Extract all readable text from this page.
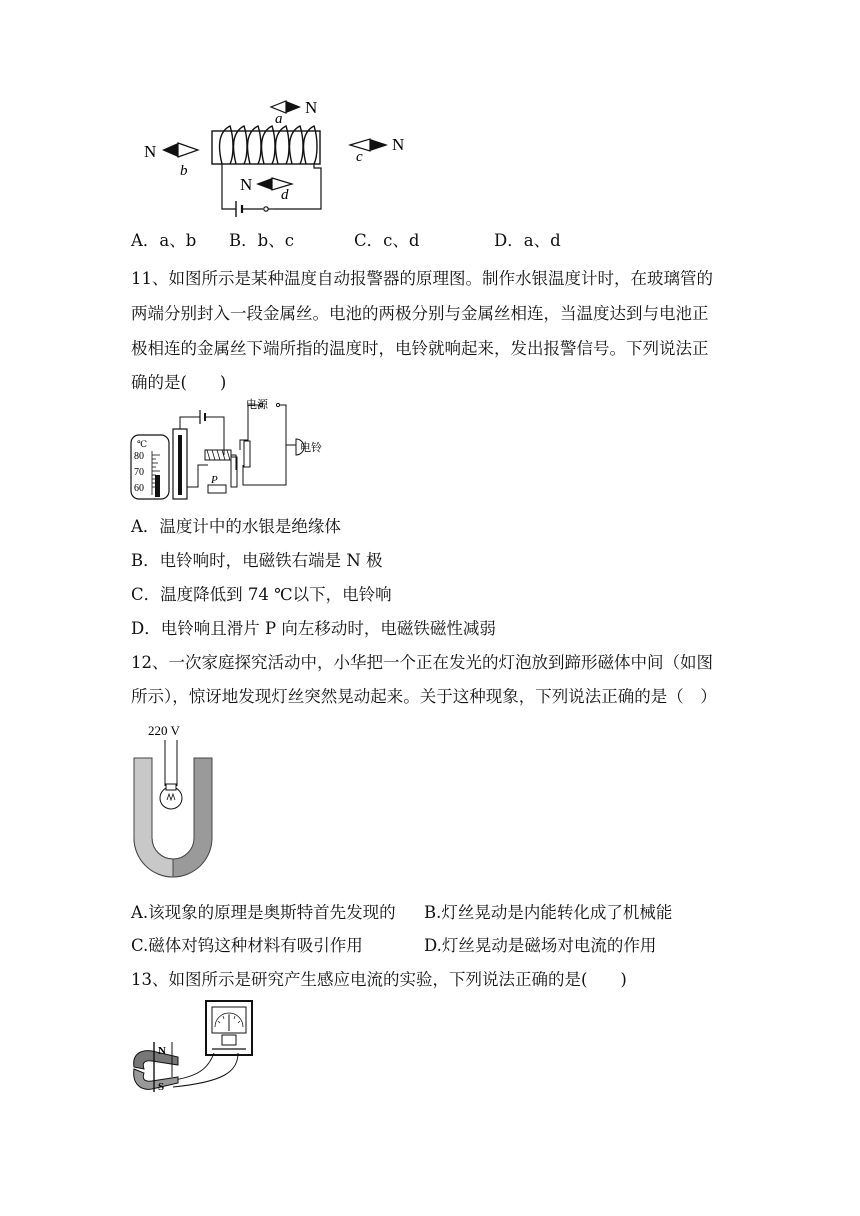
N
a
N
b
N
c
N
d
A．a、b B．b、c	C．c、d	D．a、d
11、如图所示是某种温度自动报警器的原理图。制作水银温度计时，在玻璃管的
两端分别封入一段金属丝。电池的两极分别与金属丝相连，当温度达到与电池正
极相连的金属丝下端所指的温度时，电铃就响起来，发出报警信号。下列说法正
确的是(　　)
℃
80
70
60
P
电源
电铃
A．温度计中的水银是绝缘体
B．电铃响时，电磁铁右端是 N 极
C．温度降低到 74 ℃以下，电铃响
D．电铃响且滑片 P 向左移动时，电磁铁磁性减弱
12、一次家庭探究活动中，小华把一个正在发光的灯泡放到蹄形磁体中间（如图
所示），惊讶地发现灯丝突然晃动起来。关于这种现象，下列说法正确的是（　）
220 V
A.该现象的原理是奥斯特首先发现的 B.灯丝晃动是内能转化成了机械能
C.磁体对钨这种材料有吸引作用	D.灯丝晃动是磁场对电流的作用
13、如图所示是研究产生感应电流的实验，下列说法正确的是(　　)
N
S
